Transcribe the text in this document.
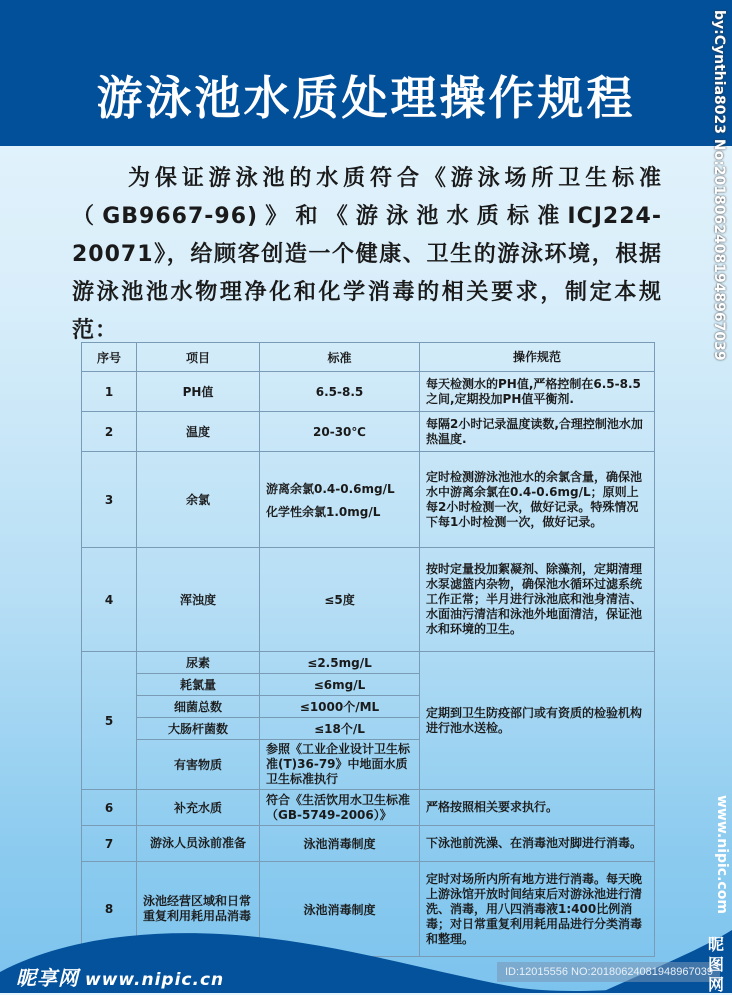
游泳池水质处理操作规程
为保证游泳池的水质符合《游泳场所卫生标准（GB9667-96)》和《游泳池水质标准ICJ224-20071》，给顾客创造一个健康、卫生的游泳环境，根据游泳池池水物理净化和化学消毒的相关要求，制定本规范：
序号	项目	标准	操作规范
1	PH值	6.5-8.5	每天检测水的PH值,严格控制在6.5-8.5之间,定期投加PH值平衡剂.
2	温度	20-30℃	每隔2小时记录温度读数,合理控制池水加热温度.
3	余氯	游离余氯0.4-0.6mg/L
化学性余氯1.0mg/L	定时检测游泳池池水的余氯含量，确保池水中游离余氯在0.4-0.6mg/L；原则上每2小时检测一次，做好记录。特殊情况下每1小时检测一次，做好记录。
4	浑浊度	≤5度	按时定量投加絮凝剂、除藻剂，定期清理水泵滤篮内杂物，确保池水循环过滤系统工作正常；半月进行泳池底和池身清洁、水面油污清洁和泳池外地面清洁，保证池水和环境的卫生。
5	尿素	≤2.5mg/L	定期到卫生防疫部门或有资质的检验机构进行池水送检。
	耗氯量	≤6mg/L	
	细菌总数	≤1000个/ML	
	大肠杆菌数	≤18个/L	
	有害物质	参照《工业企业设计卫生标准(T)36-79》中地面水质卫生标准执行	
6	补充水质	符合《生活饮用水卫生标准（GB-5749-2006）》	严格按照相关要求执行。
7	游泳人员泳前准备	泳池消毒制度	下泳池前洗澡、在消毒池对脚进行消毒。
8	泳池经营区域和日常重复利用耗用品消毒	泳池消毒制度	定时对场所内所有地方进行消毒。每天晚上游泳馆开放时间结束后对游泳池进行清洗、消毒，用八四消毒液1:400比例消毒；对日常重复利用耗用品进行分类消毒和整理。
昵享网 www.nipic.cn	ID:12015556 NO:20180624081948967039
by:Cynthia8023 No:20180624081948967039
www.nipic.com
昵图网
